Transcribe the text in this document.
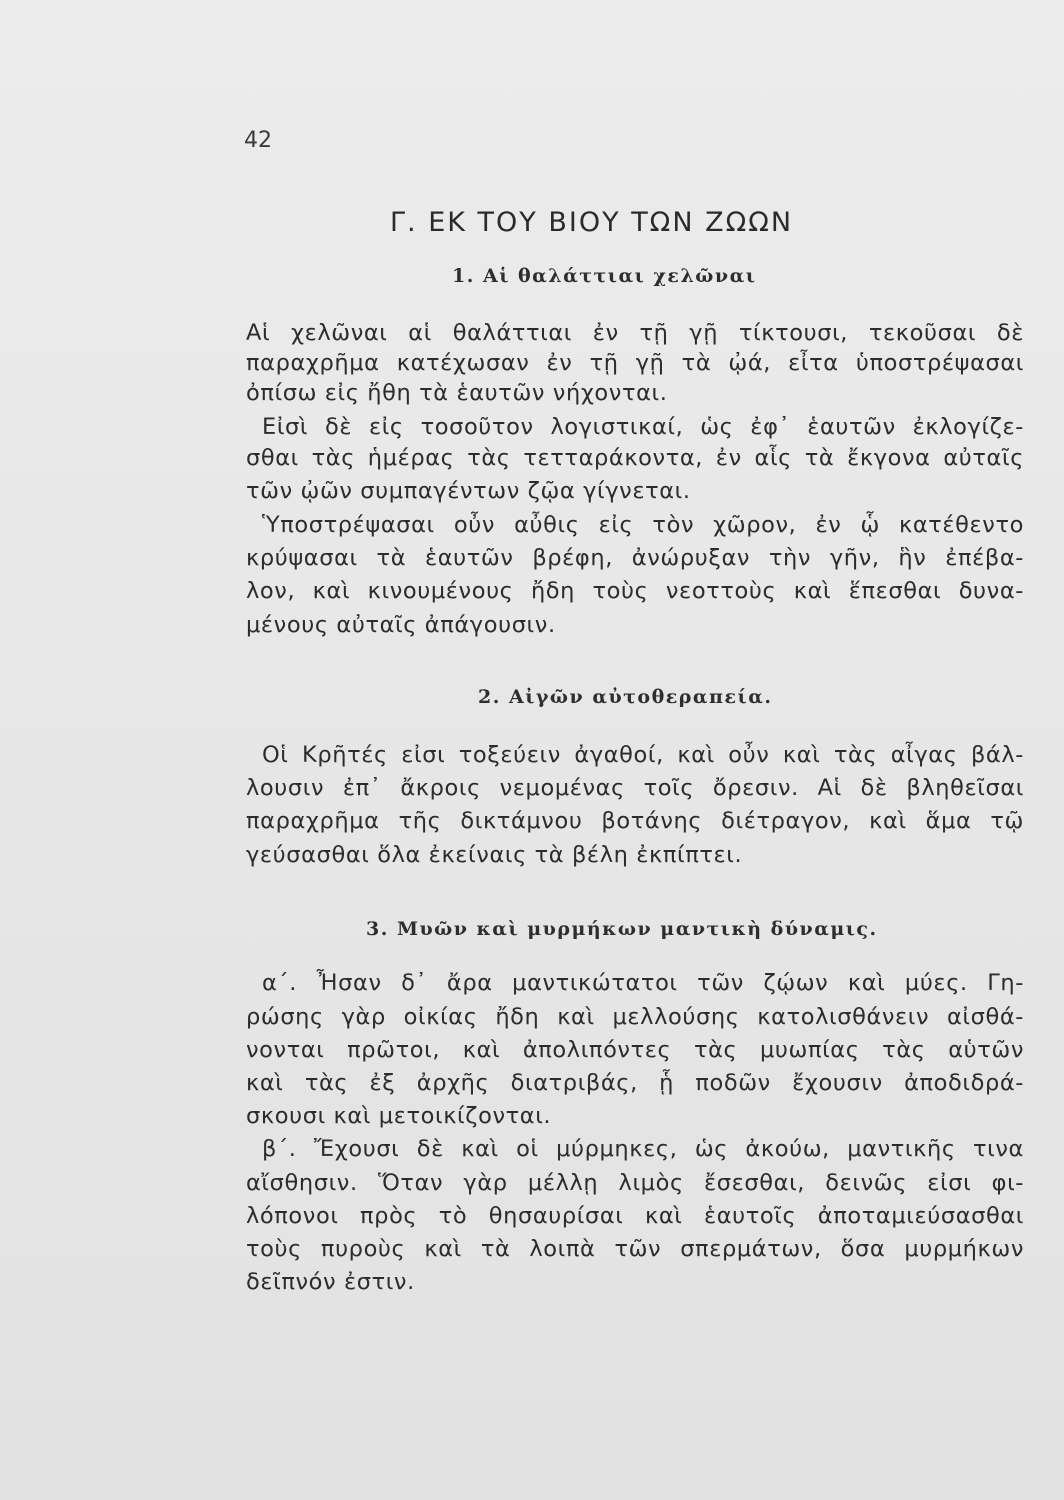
42
Γ. ΕΚ ΤΟΥ ΒΙΟΥ ΤΩΝ ΖΩΩΝ
1. Αἱ θαλάττιαι χελῶναι
Αἱ χελῶναι αἱ θαλάττιαι ἐν τῇ γῇ τίκτουσι, τεκοῦσαι δὲ
παραχρῆμα κατέχωσαν ἐν τῇ γῇ τὰ ᾠά, εἶτα ὑποστρέψασαι
ὀπίσω εἰς ἤθη τὰ ἑαυτῶν νήχονται.
Εἰσὶ δὲ εἰς τοσοῦτον λογιστικαί, ὡς ἐφ᾽ ἑαυτῶν ἐκλογίζε-
σθαι τὰς ἡμέρας τὰς τετταράκοντα, ἐν αἷς τὰ ἔκγονα αὐταῖς
τῶν ᾠῶν συμπαγέντων ζῷα γίγνεται.
Ὑποστρέψασαι οὖν αὖθις εἰς τὸν χῶρον, ἐν ᾧ κατέθεντο
κρύψασαι τὰ ἑαυτῶν βρέφη, ἀνώρυξαν τὴν γῆν, ἣν ἐπέβα-
λον, καὶ κινουμένους ἤδη τοὺς νεοττοὺς καὶ ἕπεσθαι δυνα-
μένους αὐταῖς ἀπάγουσιν.
2. Αἰγῶν αὐτοθεραπεία.
Οἱ Κρῆτές εἰσι τοξεύειν ἀγαθοί, καὶ οὖν καὶ τὰς αἶγας βάλ-
λουσιν ἐπ᾽ ἄκροις νεμομένας τοῖς ὄρεσιν. Αἱ δὲ βληθεῖσαι
παραχρῆμα τῆς δικτάμνου βοτάνης διέτραγον, καὶ ἅμα τῷ
γεύσασθαι ὅλα ἐκείναις τὰ βέλη ἐκπίπτει.
3. Μυῶν καὶ μυρμήκων μαντικὴ δύναμις.
α΄. Ἦσαν δ᾽ ἄρα μαντικώτατοι τῶν ζῴων καὶ μύες. Γη-
ρώσης γὰρ οἰκίας ἤδη καὶ μελλούσης κατολισθάνειν αἰσθά-
νονται πρῶτοι, καὶ ἀπολιπόντες τὰς μυωπίας τὰς αὑτῶν
καὶ τὰς ἐξ ἀρχῆς διατριβάς, ᾗ ποδῶν ἔχουσιν ἀποδιδρά-
σκουσι καὶ μετοικίζονται.
β΄. Ἔχουσι δὲ καὶ οἱ μύρμηκες, ὡς ἀκούω, μαντικῆς τινα
αἴσθησιν. Ὅταν γὰρ μέλλῃ λιμὸς ἔσεσθαι, δεινῶς εἰσι φι-
λόπονοι πρὸς τὸ θησαυρίσαι καὶ ἑαυτοῖς ἀποταμιεύσασθαι
τοὺς πυροὺς καὶ τὰ λοιπὰ τῶν σπερμάτων, ὅσα μυρμήκων
δεῖπνόν ἐστιν.
